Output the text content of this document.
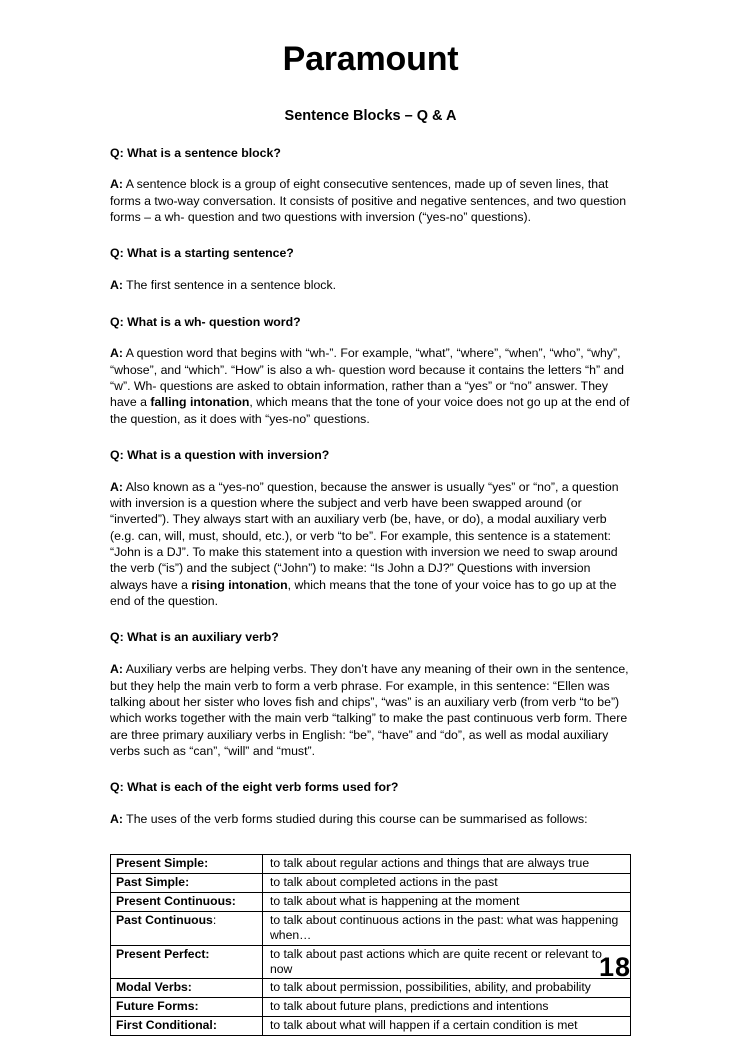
Paramount
Sentence Blocks – Q & A

Q: What is a sentence block?

A: A sentence block is a group of eight consecutive sentences, made up of seven lines, that forms a two-way conversation. It consists of positive and negative sentences, and two question forms – a wh- question and two questions with inversion (“yes-no” questions).

Q: What is a starting sentence?

A: The first sentence in a sentence block.

Q: What is a wh- question word?

A: A question word that begins with “wh-”. For example, “what”, “where”, “when”, “who”, “why”, “whose”, and “which”. “How” is also a wh- question word because it contains the letters “h” and “w”. Wh- questions are asked to obtain information, rather than a “yes” or “no” answer. They have a falling intonation, which means that the tone of your voice does not go up at the end of the question, as it does with “yes-no” questions.

Q: What is a question with inversion?

A: Also known as a “yes-no” question, because the answer is usually “yes” or “no”, a question with inversion is a question where the subject and verb have been swapped around (or “inverted”). They always start with an auxiliary verb (be, have, or do), a modal auxiliary verb (e.g. can, will, must, should, etc.), or verb “to be”. For example, this sentence is a statement: “John is a DJ”. To make this statement into a question with inversion we need to swap around the verb (“is”) and the subject (“John”) to make: “Is John a DJ?” Questions with inversion always have a rising intonation, which means that the tone of your voice has to go up at the end of the question.

Q: What is an auxiliary verb?

A: Auxiliary verbs are helping verbs. They don’t have any meaning of their own in the sentence, but they help the main verb to form a verb phrase. For example, in this sentence: “Ellen was talking about her sister who loves fish and chips”, “was” is an auxiliary verb (from verb “to be”) which works together with the main verb “talking” to make the past continuous verb form. There are three primary auxiliary verbs in English: “be”, “have” and “do”, as well as modal auxiliary verbs such as “can”, “will” and “must”.

Q: What is each of the eight verb forms used for?

A: The uses of the verb forms studied during this course can be summarised as follows:

Present Simple:	to talk about regular actions and things that are always true
Past Simple:	to talk about completed actions in the past
Present Continuous:	to talk about what is happening at the moment
Past Continuous:	to talk about continuous actions in the past: what was happening when…
Present Perfect:	to talk about past actions which are quite recent or relevant to now
Modal Verbs:	to talk about permission, possibilities, ability, and probability
Future Forms:	to talk about future plans, predictions and intentions
First Conditional:	to talk about what will happen if a certain condition is met
18
